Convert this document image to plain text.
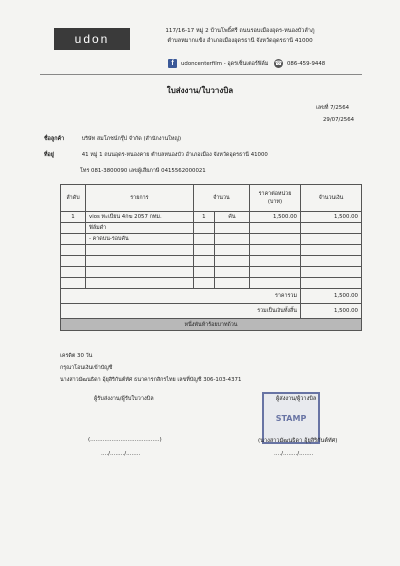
udon
117/16-17 หมู่ 2 บ้านโพธิ์ศรี ถนนรอบเมืองอุดร-หนองบัวลำภู
ตำบลหมากแข้ง อำเภอเมืองอุดรธานี จังหวัดอุดรธานี 41000
f	udoncenterfilm - อุดรเซ็นเตอร์ฟิล์ม ☎ 086-459-9448
ใบส่งงาน/ใบวางบิล
เลขที่ 7/2564
29/07/2564
ชื่อลูกค้า	บริษัท สมโภชน์กรุ๊ป จำกัด (สำนักงานใหญ่)
ที่อยู่	41 หมู่ 1 ถนนอุดร-หนองคาย ตำบลหนองบัว อำเภอเมือง จังหวัดอุดรธานี 41000
โทร 081-3800090 เลขผู้เสียภาษี 0415562000021
ลำดับ	รายการ	จำนวน		ราคาต่อหน่วย
(บาท)	จำนวนเงิน
1	vios ทะเบียน 4กฆ 2057 กทม.	1	คัน	1,500.00	1,500.00
	ฟิล์มดำ				
	- คาดบน-รอบคัน				

ราคารวม					1,500.00
รวมเป็นเงินทั้งสิ้น					1,500.00
หนึ่งพันห้าร้อยบาทถ้วน					
เครดิต 30 วัน
กรุณาโอนเงินเข้าบัญชี
นางสาวมัฒนธิดา อุ้ยุสิริกันต์ทัศ ธนาคารกสิกรไทย เลขที่บัญชี 306-103-4371
ผู้รับส่งงาน/ผู้รับใบวางบิล
(.......................................)
..../......../........
STAMP
ผู้ส่งงาน/ผู้วางบิล
(นางสาวมัฒนธิดา อุ้ยุสิริกันต์ทัศ)
..../......../........
